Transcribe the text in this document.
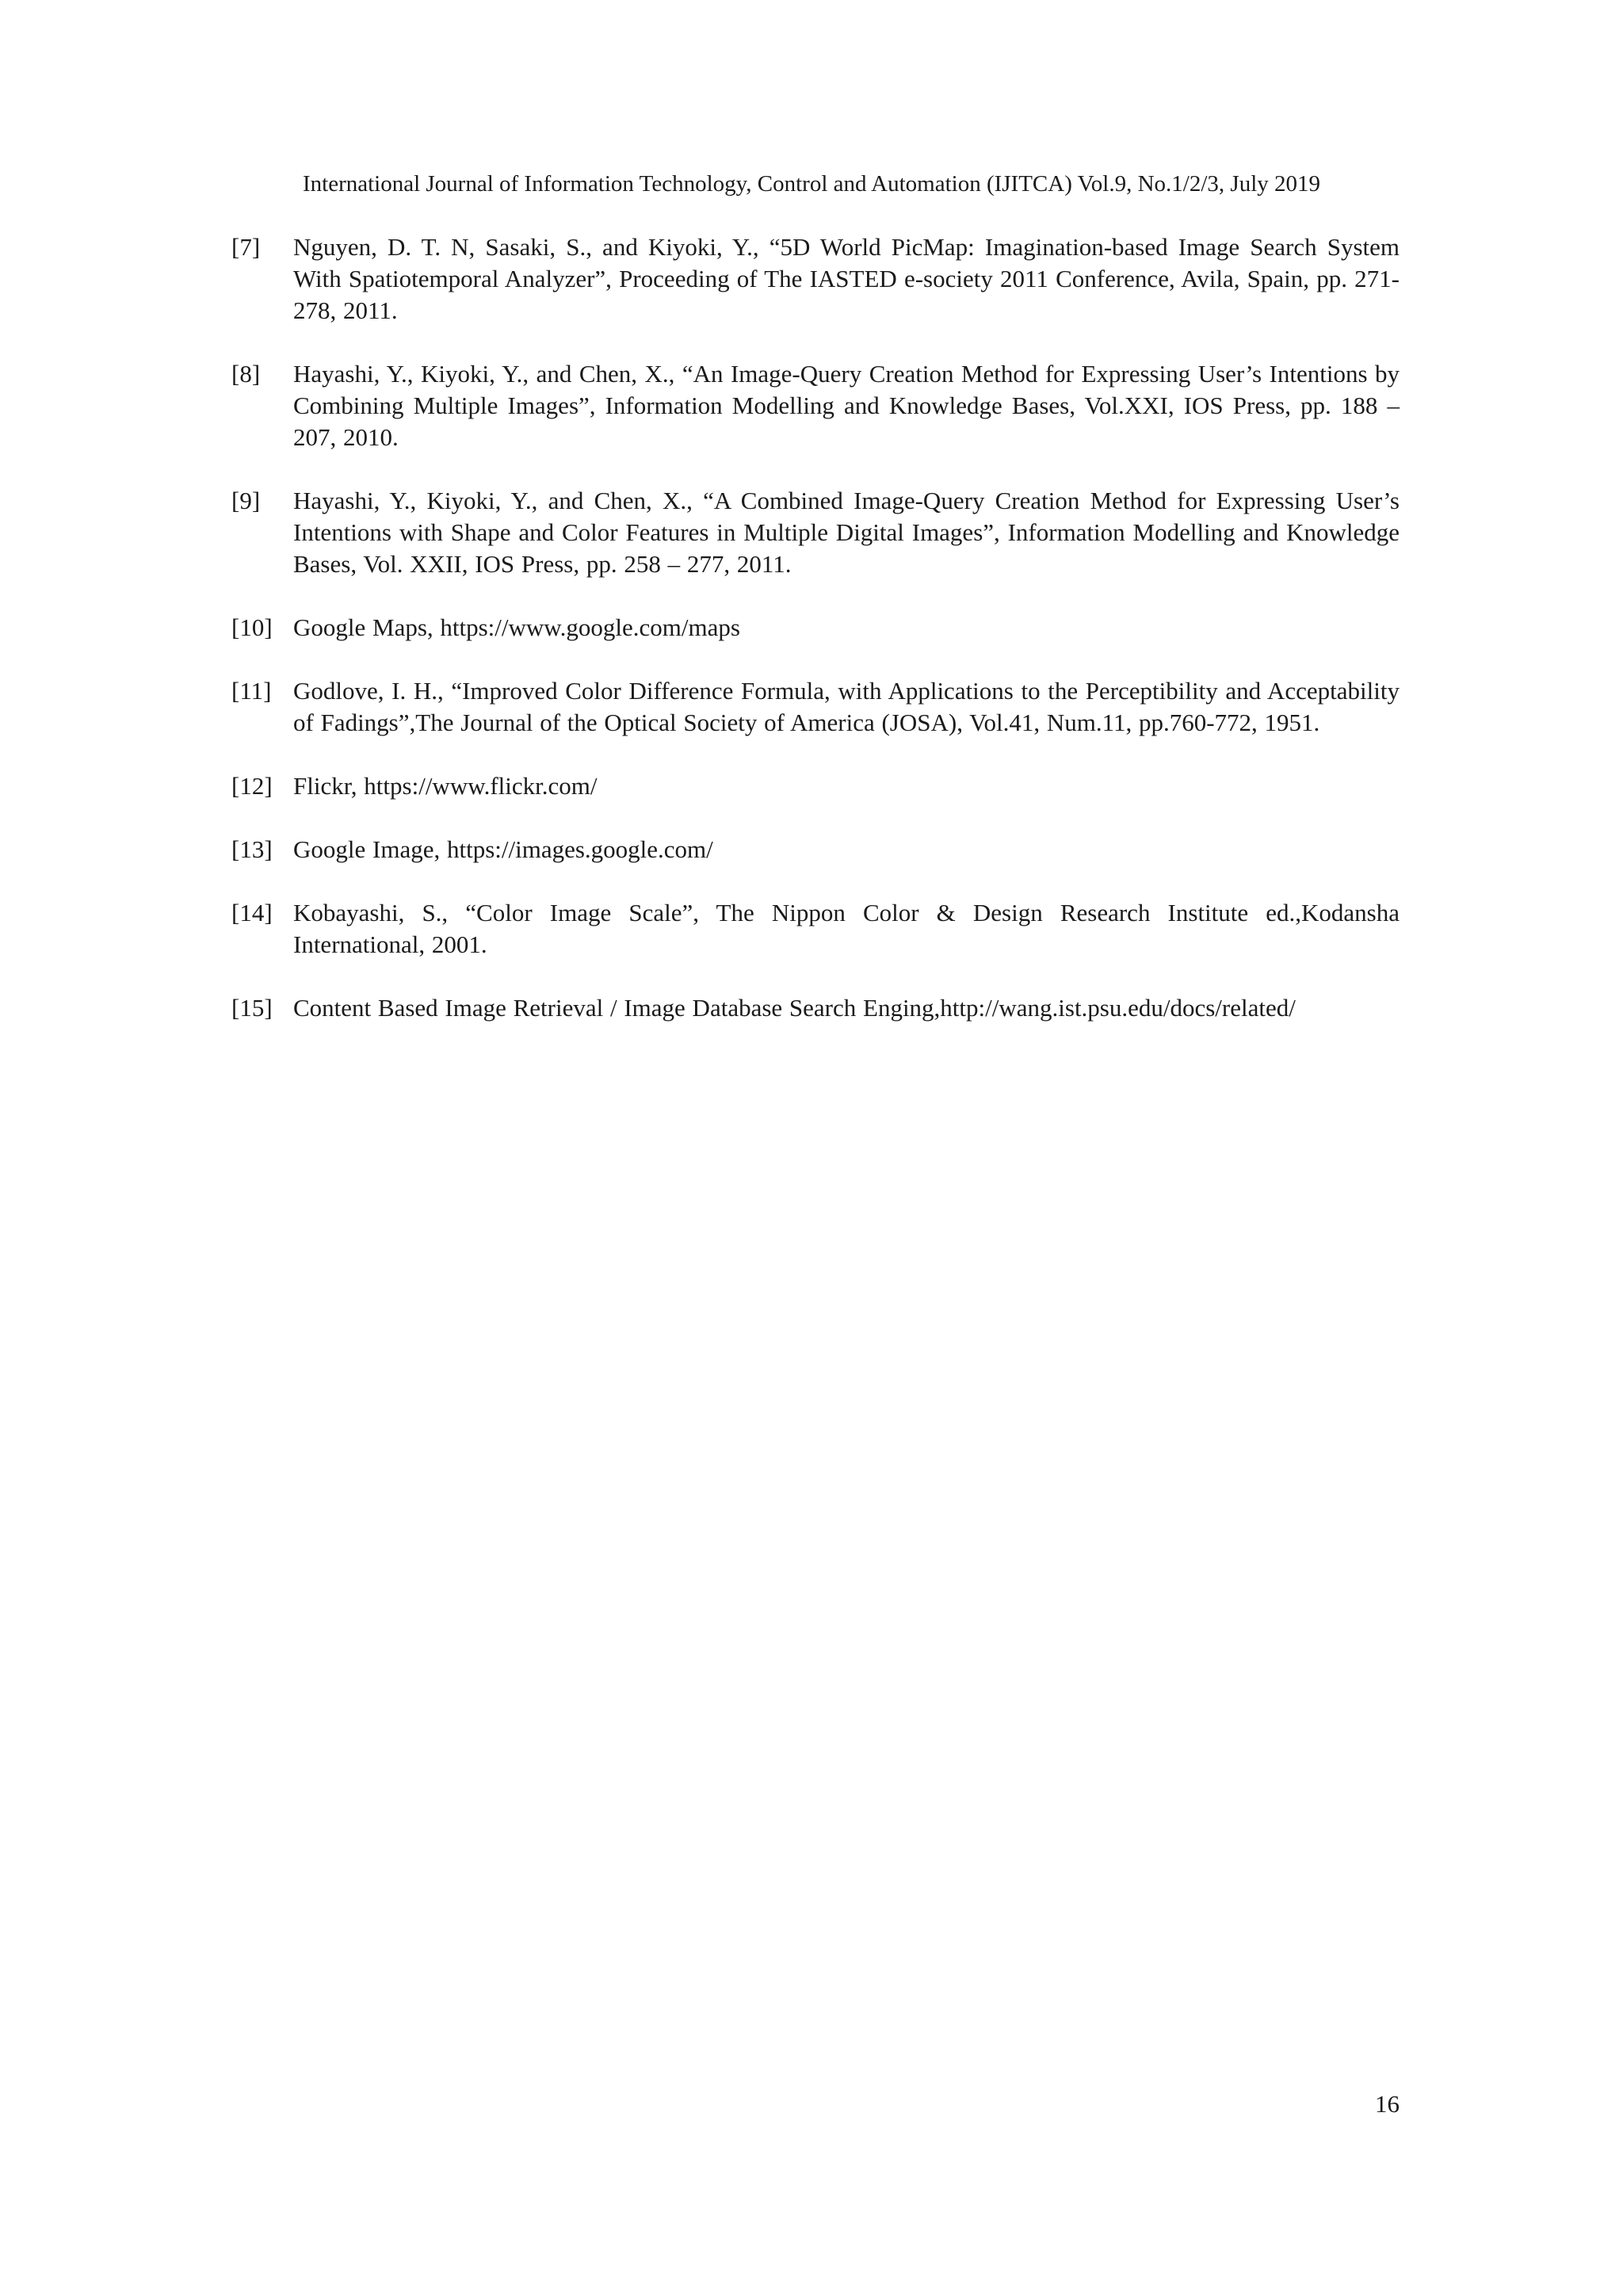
International Journal of Information Technology, Control and Automation (IJITCA) Vol.9, No.1/2/3, July 2019
[7]	Nguyen, D. T. N, Sasaki, S., and Kiyoki, Y., “5D World PicMap: Imagination-based Image Search System With Spatiotemporal Analyzer”, Proceeding of The IASTED e-society 2011 Conference, Avila, Spain, pp. 271- 278, 2011.
[8]	Hayashi, Y., Kiyoki, Y., and Chen, X., “An Image-Query Creation Method for Expressing User’s Intentions by Combining Multiple Images”, Information Modelling and Knowledge Bases, Vol.XXI, IOS Press, pp. 188 – 207, 2010.
[9]	Hayashi, Y., Kiyoki, Y., and Chen, X., “A Combined Image-Query Creation Method for Expressing User’s Intentions with Shape and Color Features in Multiple Digital Images”, Information Modelling and Knowledge Bases, Vol. XXII, IOS Press, pp. 258 – 277, 2011.
[10] Google Maps, https://www.google.com/maps
[11] Godlove, I. H., “Improved Color Difference Formula, with Applications to the Perceptibility and Acceptability of Fadings”,The Journal of the Optical Society of America (JOSA), Vol.41, Num.11, pp.760-772, 1951.
[12] Flickr, https://www.flickr.com/
[13] Google Image, https://images.google.com/
[14] Kobayashi, S., “Color Image Scale”, The Nippon Color & Design Research Institute ed.,Kodansha International, 2001.
[15] Content Based Image Retrieval / Image Database Search Enging,http://wang.ist.psu.edu/docs/related/
16
